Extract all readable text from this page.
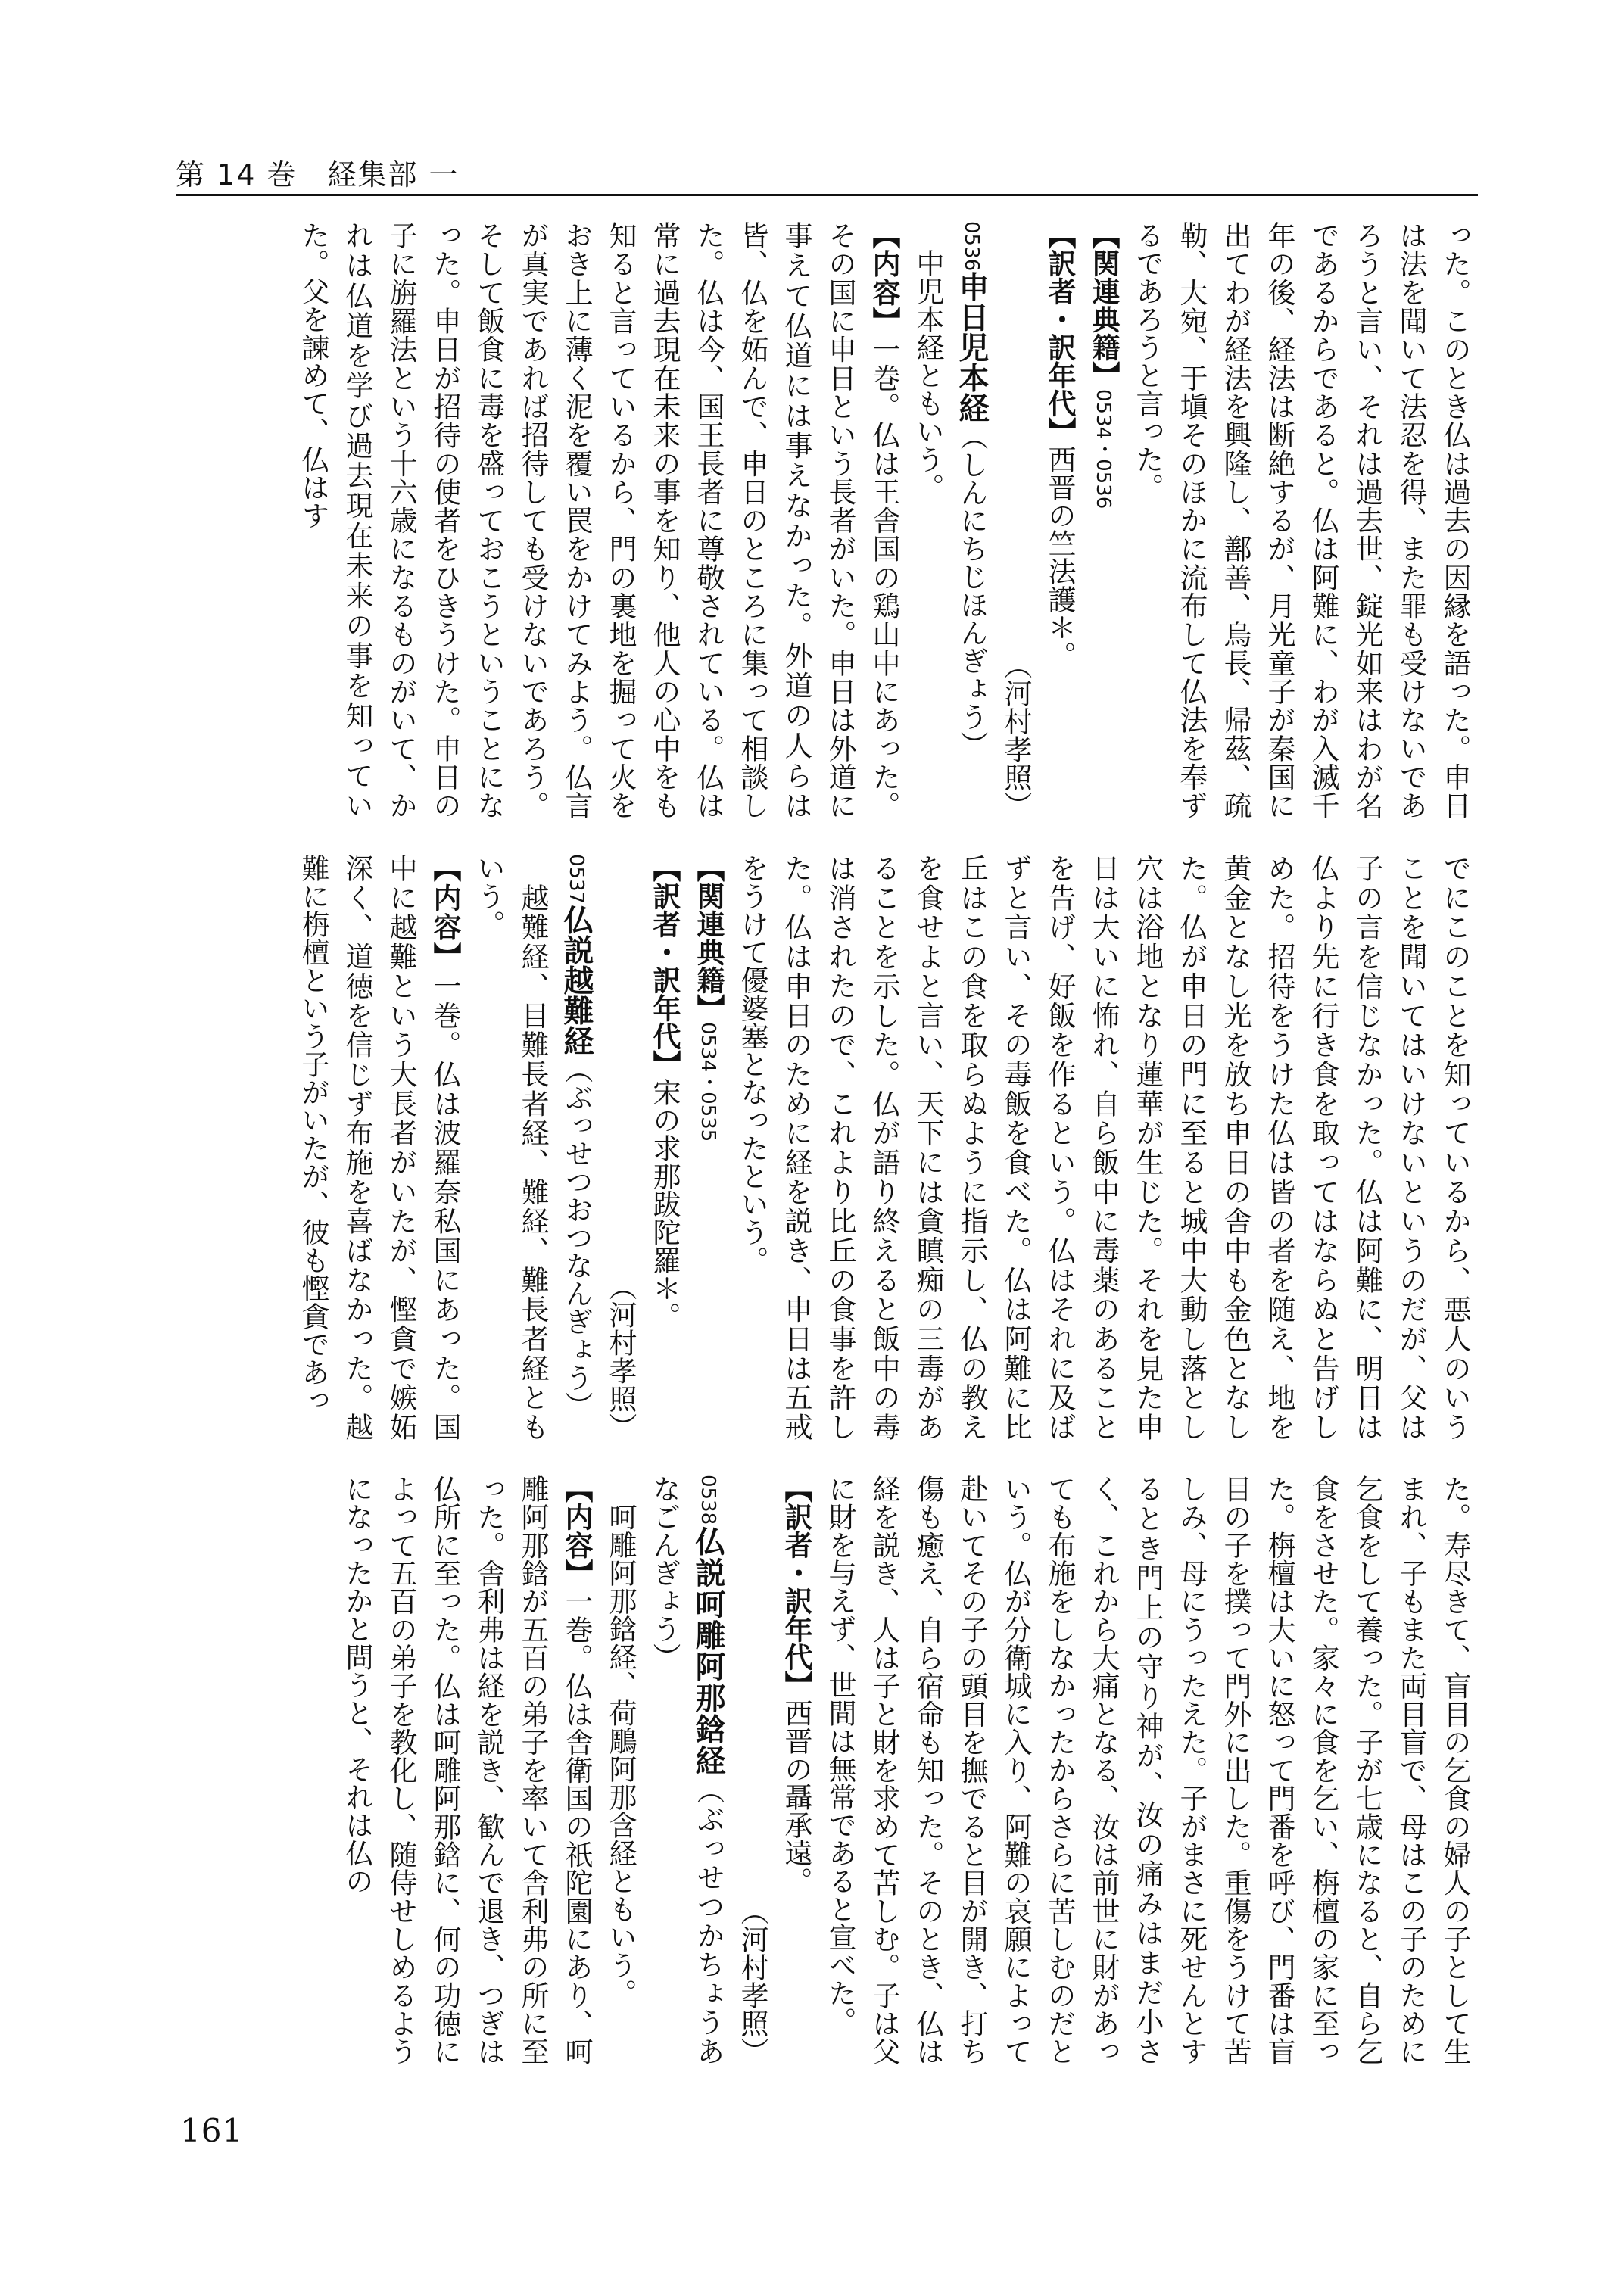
第 14 巻　経集部 一

った。このとき仏は過去の因縁を語った。申日は法を聞いて法忍を得、また罪も受けないであろうと言い、それは過去世、錠光如来はわが名であるからであると。仏は阿難に、わが入滅千年の後、経法は断絶するが、月光童子が秦国に出てわが経法を興隆し、鄯善、烏長、帰茲、疏勒、大宛、于塡そのほかに流布して仏法を奉ずるであろうと言った。

【関連典籍】0534・0536

【訳者・訳年代】西晋の竺法護＊。

（河村孝照）

0536申日児本経（しんにちじほんぎょう）

　中児本経ともいう。

【内容】一巻。仏は王舎国の鶏山中にあった。その国に申日という長者がいた。申日は外道に事えて仏道には事えなかった。外道の人らは皆、仏を妬んで、申日のところに集って相談した。仏は今、国王長者に尊敬されている。仏は常に過去現在未来の事を知り、他人の心中をも知ると言っているから、門の裏地を掘って火をおき上に薄く泥を覆い罠をかけてみよう。仏言が真実であれば招待しても受けないであろう。そして飯食に毒を盛っておこうということになった。申日が招待の使者をひきうけた。申日の子に旃羅法という十六歳になるものがいて、かれは仏道を学び過去現在未来の事を知っていた。父を諫めて、仏はす

でにこのことを知っているから、悪人のいうことを聞いてはいけないというのだが、父は子の言を信じなかった。仏は阿難に、明日は仏より先に行き食を取ってはならぬと告げしめた。招待をうけた仏は皆の者を随え、地を黄金となし光を放ち申日の舎中も金色となした。仏が申日の門に至ると城中大動し落とし穴は浴地となり蓮華が生じた。それを見た申日は大いに怖れ、自ら飯中に毒薬のあることを告げ、好飯を作るという。仏はそれに及ばずと言い、その毒飯を食べた。仏は阿難に比丘はこの食を取らぬように指示し、仏の教えを食せよと言い、天下には貪瞋痴の三毒があることを示した。仏が語り終えると飯中の毒は消されたので、これより比丘の食事を許した。仏は申日のために経を説き、申日は五戒をうけて優婆塞となったという。

【関連典籍】0534・0535

【訳者・訳年代】宋の求那跋陀羅＊。

（河村孝照）

0537仏説越難経（ぶっせつおつなんぎょう）

　越難経、目難長者経、難経、難長者経ともいう。

【内容】一巻。仏は波羅奈私国にあった。国中に越難という大長者がいたが、慳貪で嫉妬深く、道徳を信じず布施を喜ばなかった。越難に栴檀という子がいたが、彼も慳貪であっ

た。寿尽きて、盲目の乞食の婦人の子として生まれ、子もまた両目盲で、母はこの子のために乞食をして養った。子が七歳になると、自ら乞食をさせた。家々に食を乞い、栴檀の家に至った。栴檀は大いに怒って門番を呼び、門番は盲目の子を撲って門外に出した。重傷をうけて苦しみ、母にうったえた。子がまさに死せんとするとき門上の守り神が、汝の痛みはまだ小さく、これから大痛となる、汝は前世に財があっても布施をしなかったからさらに苦しむのだという。仏が分衛城に入り、阿難の哀願によって赴いてその子の頭目を撫でると目が開き、打ち傷も癒え、自ら宿命も知った。そのとき、仏は経を説き、人は子と財を求めて苦しむ。子は父に財を与えず、世間は無常であると宣べた。

【訳者・訳年代】西晋の聶承遠。

（河村孝照）

0538仏説呵雕阿那鋡経（ぶっせつかちょうあなごんぎょう）

　呵雕阿那鋡経、荷鵰阿那含経ともいう。

【内容】一巻。仏は舎衛国の祇陀園にあり、呵雕阿那鋡が五百の弟子を率いて舎利弗の所に至った。舎利弗は経を説き、歓んで退き、つぎは仏所に至った。仏は呵雕阿那鋡に、何の功徳によって五百の弟子を教化し、随侍せしめるようになったかと問うと、それは仏の

161
